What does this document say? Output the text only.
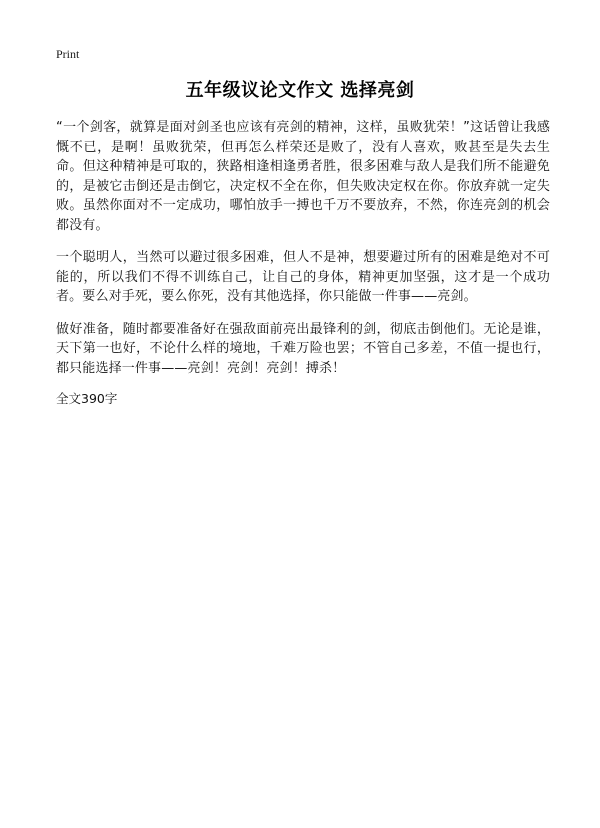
Print
五年级议论文作文 选择亮剑

“一个剑客，就算是面对剑圣也应该有亮剑的精神，这样，虽败犹荣！”这话曾让我感慨不已，是啊！虽败犹荣，但再怎么样荣还是败了，没有人喜欢，败甚至是失去生命。但这种精神是可取的，狭路相逢相逢勇者胜，很多困难与敌人是我们所不能避免的，是被它击倒还是击倒它，决定权不全在你，但失败决定权在你。你放弃就一定失败。虽然你面对不一定成功，哪怕放手一搏也千万不要放弃，不然，你连亮剑的机会都没有。

一个聪明人，当然可以避过很多困难，但人不是神，想要避过所有的困难是绝对不可能的，所以我们不得不训练自己，让自己的身体，精神更加坚强，这才是一个成功者。要么对手死，要么你死，没有其他选择，你只能做一件事——亮剑。

做好准备，随时都要准备好在强敌面前亮出最锋利的剑，彻底击倒他们。无论是谁，天下第一也好，不论什么样的境地，千难万险也罢；不管自己多差，不值一提也行，都只能选择一件事——亮剑！亮剑！亮剑！搏杀！

全文390字
